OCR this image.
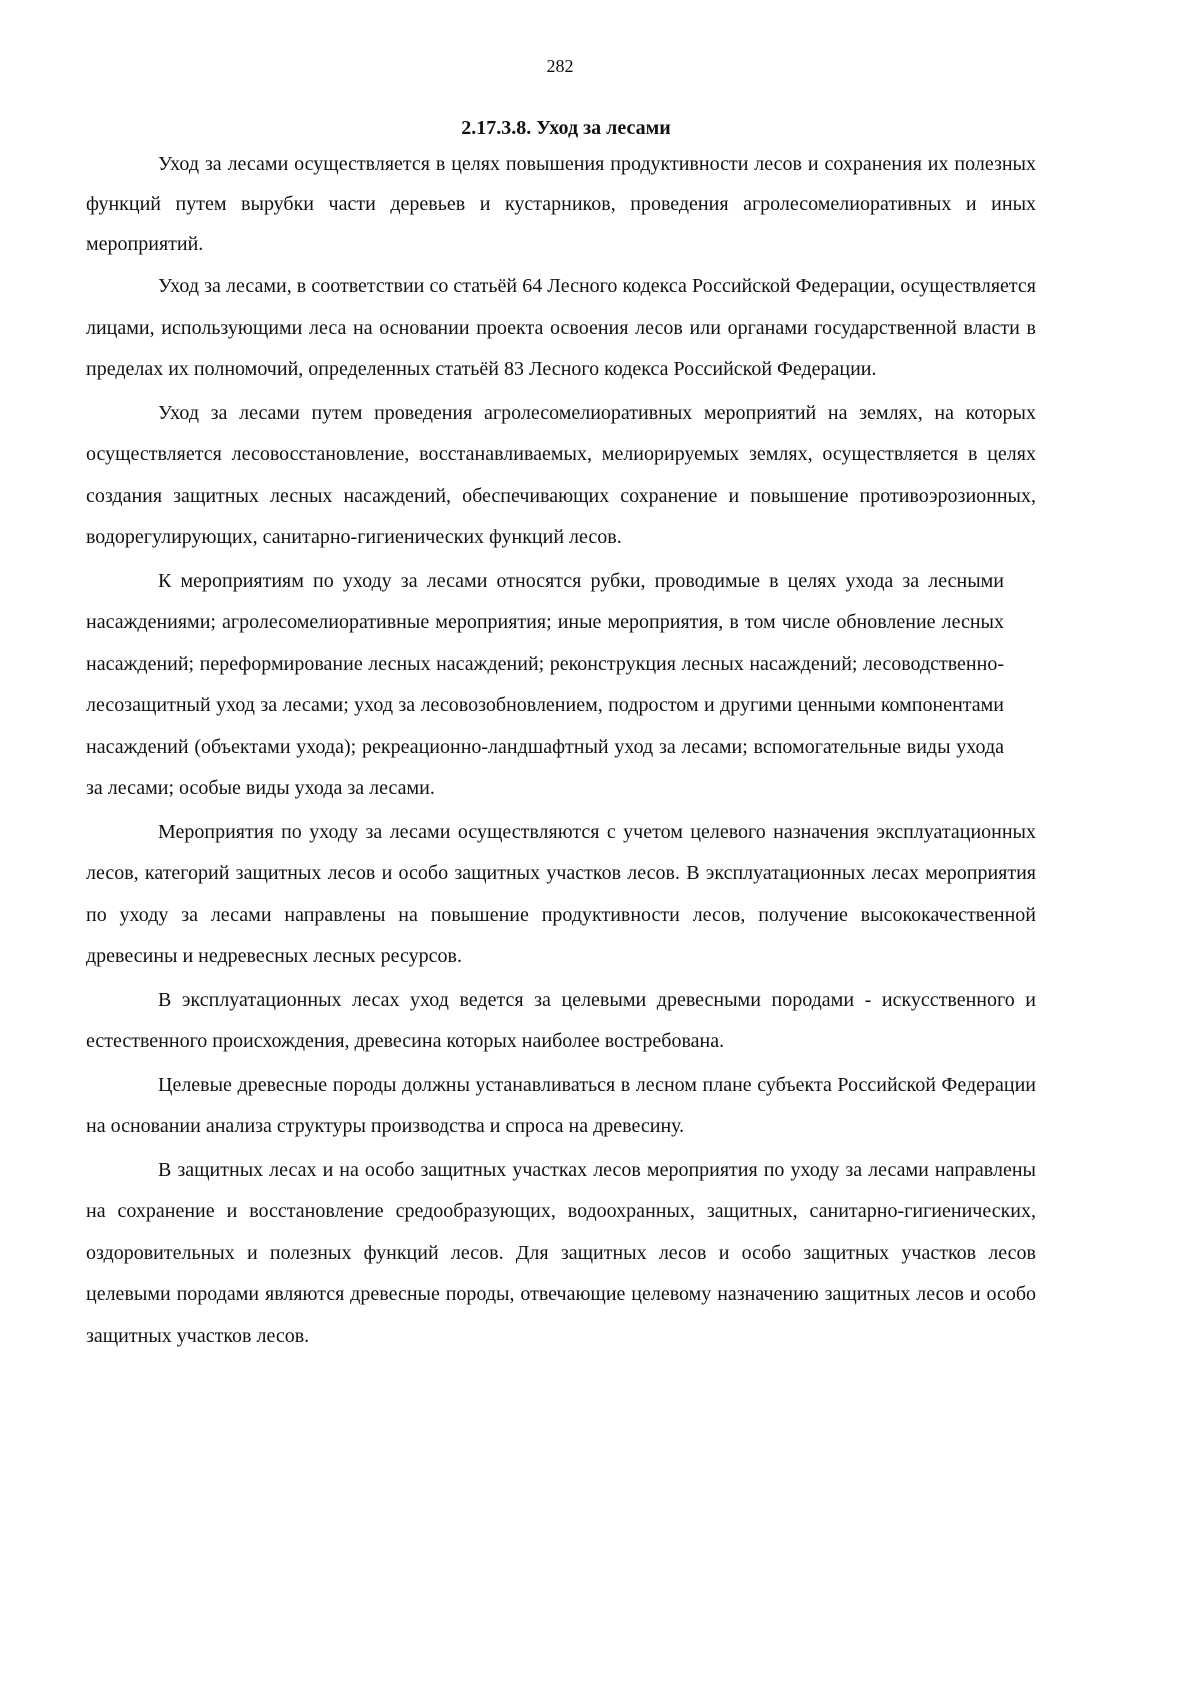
282
2.17.3.8. Уход за лесами

Уход за лесами осуществляется в целях повышения продуктивности лесов и сохранения их полезных функций путем вырубки части деревьев и кустарников, проведения агролесомелиоративных и иных мероприятий.

Уход за лесами, в соответствии со статьёй 64 Лесного кодекса Российской Федерации, осуществляется лицами, использующими леса на основании проекта освоения лесов или органами государственной власти в пределах их полномочий, определенных статьёй 83 Лесного кодекса Российской Федерации.

Уход за лесами путем проведения агролесомелиоративных мероприятий на землях, на которых осуществляется лесовосстановление, восстанавливаемых, мелиорируемых землях, осуществляется в целях создания защитных лесных насаждений, обеспечивающих сохранение и повышение противоэрозионных, водорегулирующих, санитарно-гигиенических функций лесов.

К мероприятиям по уходу за лесами относятся рубки, проводимые в целях ухода за лесными насаждениями; агролесомелиоративные мероприятия; иные мероприятия, в том числе обновление лесных насаждений; переформирование лесных насаждений; реконструкция лесных насаждений; лесоводственно-лесозащитный уход за лесами; уход за лесовозобновлением, подростом и другими ценными компонентами насаждений (объектами ухода); рекреационно-ландшафтный уход за лесами; вспомогательные виды ухода за лесами; особые виды ухода за лесами.

Мероприятия по уходу за лесами осуществляются с учетом целевого назначения эксплуатационных лесов, категорий защитных лесов и особо защитных участков лесов. В эксплуатационных лесах мероприятия по уходу за лесами направлены на повышение продуктивности лесов, получение высококачественной древесины и недревесных лесных ресурсов.

В эксплуатационных лесах уход ведется за целевыми древесными породами - искусственного и естественного происхождения, древесина которых наиболее востребована.

Целевые древесные породы должны устанавливаться в лесном плане субъекта Российской Федерации на основании анализа структуры производства и спроса на древесину.

В защитных лесах и на особо защитных участках лесов мероприятия по уходу за лесами направлены на сохранение и восстановление средообразующих, водоохранных, защитных, санитарно-гигиенических, оздоровительных и полезных функций лесов. Для защитных лесов и особо защитных участков лесов целевыми породами являются древесные породы, отвечающие целевому назначению защитных лесов и особо защитных участков лесов.
